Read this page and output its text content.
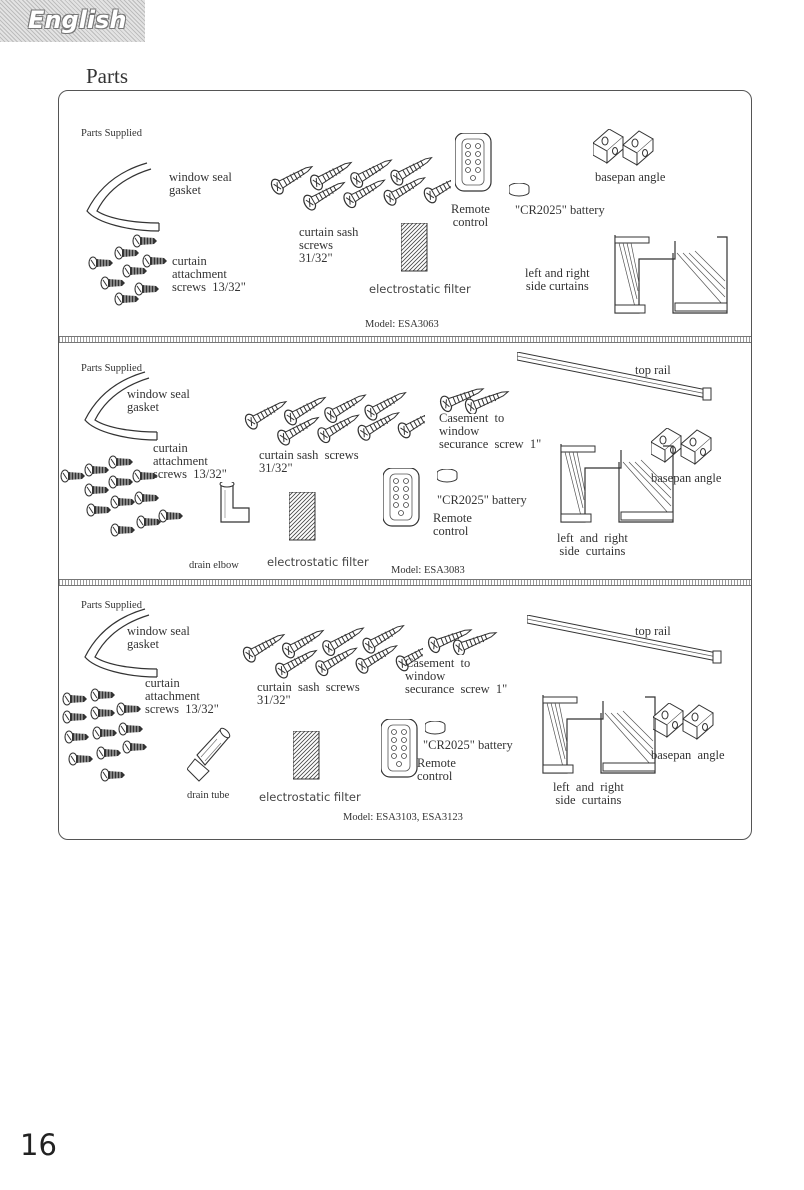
English
Parts
Parts Supplied
window seal
gasket
curtain
attachment
screws  13/32"
curtain sash
screws
31/32"
electrostatic filter
Remote
control
"CR2025" battery
basepan angle
left and right
side curtains
Model: ESA3063
Parts Supplied
window seal
gasket
curtain
attachment
screws  13/32"
curtain sash  screws
31/32"
electrostatic filter
drain elbow
Casement  to
window
securance  screw  1"
top rail
basepan angle
"CR2025" battery
Remote
control	left  and  right
side  curtains
Model: ESA3083
Parts Supplied
window seal
gasket
curtain
attachment
screws  13/32"
curtain  sash  screws
31/32"
drain tube	electrostatic filter
Casement  to
window
securance  screw  1"
top rail
"CR2025" battery
Remote
control
left  and  right
side  curtains
basepan  angle
Model: ESA3103, ESA3123
16
